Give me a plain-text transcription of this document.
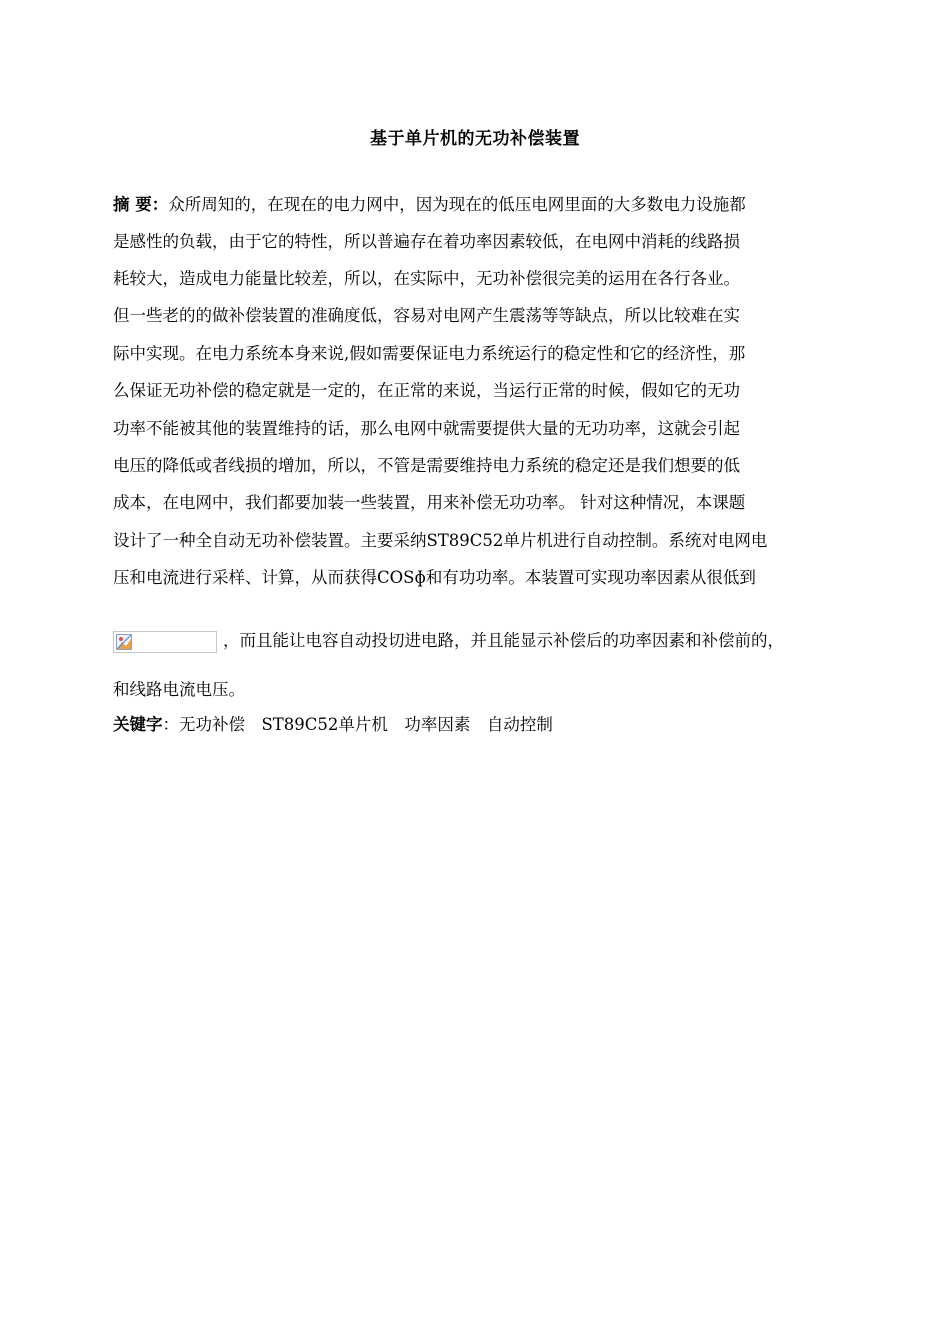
基于单片机的无功补偿装置
摘 要：众所周知的，在现在的电力网中，因为现在的低压电网里面的大多数电力设施都
是感性的负载，由于它的特性，所以普遍存在着功率因素较低，在电网中消耗的线路损
耗较大，造成电力能量比较差，所以，在实际中，无功补偿很完美的运用在各行各业。
但一些老的的做补偿装置的准确度低，容易对电网产生震荡等等缺点，所以比较难在实
际中实现。在电力系统本身来说,假如需要保证电力系统运行的稳定性和它的经济性，那
么保证无功补偿的稳定就是一定的，在正常的来说，当运行正常的时候，假如它的无功
功率不能被其他的装置维持的话，那么电网中就需要提供大量的无功功率，这就会引起
电压的降低或者线损的增加，所以，不管是需要维持电力系统的稳定还是我们想要的低
成本，在电网中，我们都要加装一些装置，用来补偿无功功率。 针对这种情况，本课题
设计了一种全自动无功补偿装置。主要采纳ST89C52单片机进行自动控制。系统对电网电
压和电流进行采样、计算，从而获得COSɸ和有功功率。本装置可实现功率因素从很低到
，而且能让电容自动投切进电路，并且能显示补偿后的功率因素和补偿前的，
和线路电流电压。
关键字：无功补偿　ST89C52单片机　功率因素　自动控制
